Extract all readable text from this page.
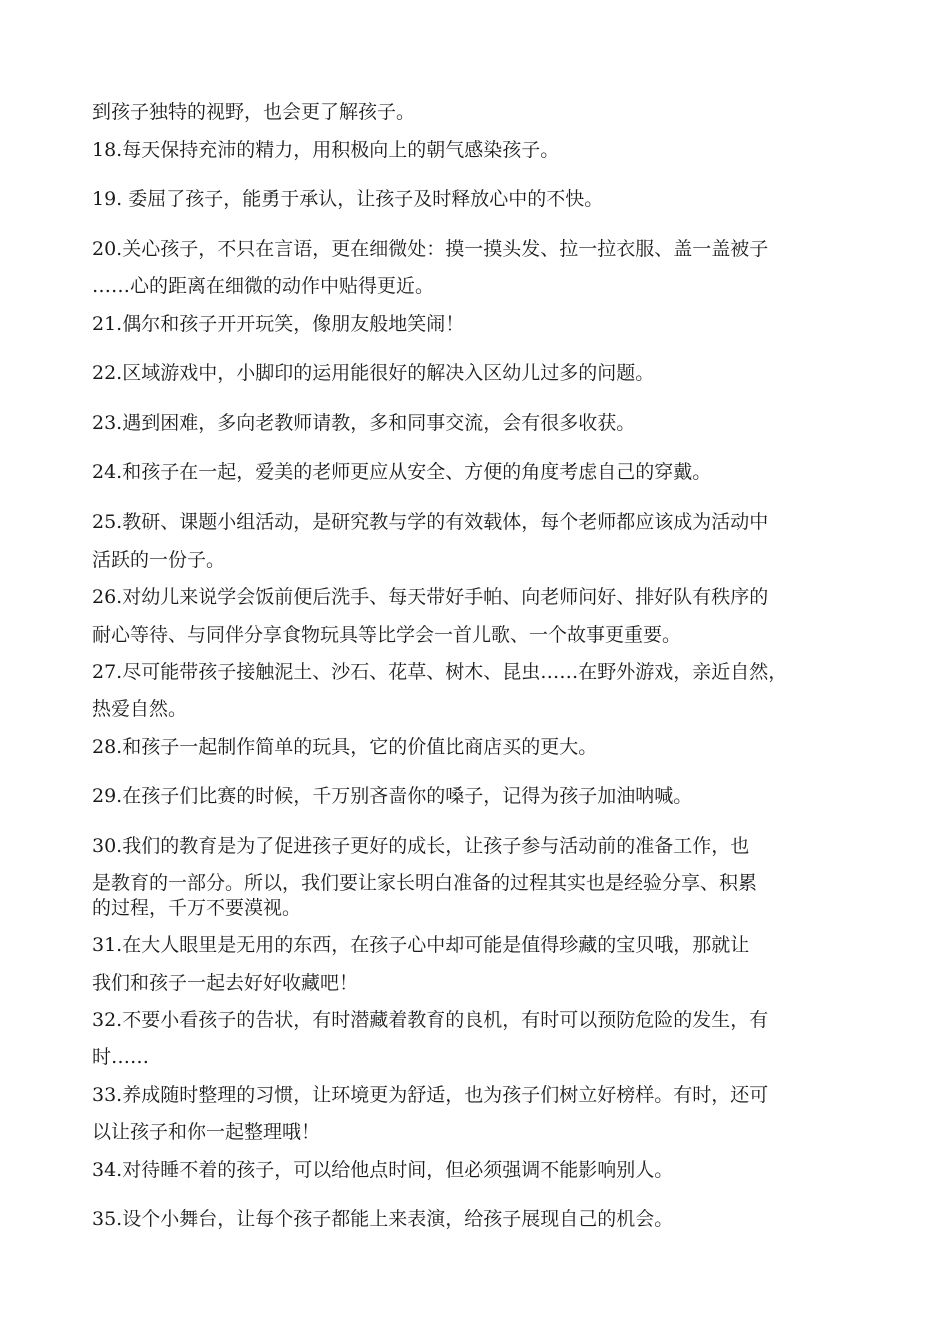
到孩子独特的视野，也会更了解孩子。
18.每天保持充沛的精力，用积极向上的朝气感染孩子。
19. 委屈了孩子，能勇于承认，让孩子及时释放心中的不快。
20.关心孩子，不只在言语，更在细微处：摸一摸头发、拉一拉衣服、盖一盖被子
……心的距离在细微的动作中贴得更近。
21.偶尔和孩子开开玩笑，像朋友般地笑闹！
22.区域游戏中，小脚印的运用能很好的解决入区幼儿过多的问题。
23.遇到困难，多向老教师请教，多和同事交流，会有很多收获。
24.和孩子在一起，爱美的老师更应从安全、方便的角度考虑自己的穿戴。
25.教研、课题小组活动，是研究教与学的有效载体，每个老师都应该成为活动中
活跃的一份子。
26.对幼儿来说学会饭前便后洗手、每天带好手帕、向老师问好、排好队有秩序的
耐心等待、与同伴分享食物玩具等比学会一首儿歌、一个故事更重要。
27.尽可能带孩子接触泥土、沙石、花草、树木、昆虫……在野外游戏，亲近自然，
热爱自然。
28.和孩子一起制作简单的玩具，它的价值比商店买的更大。
29.在孩子们比赛的时候，千万别吝啬你的嗓子，记得为孩子加油呐喊。
30.我们的教育是为了促进孩子更好的成长，让孩子参与活动前的准备工作，也
是教育的一部分。所以，我们要让家长明白准备的过程其实也是经验分享、积累
的过程，千万不要漠视。
31.在大人眼里是无用的东西，在孩子心中却可能是值得珍藏的宝贝哦，那就让
我们和孩子一起去好好收藏吧！
32.不要小看孩子的告状，有时潜藏着教育的良机，有时可以预防危险的发生，有
时……
33.养成随时整理的习惯，让环境更为舒适，也为孩子们树立好榜样。有时，还可
以让孩子和你一起整理哦！
34.对待睡不着的孩子，可以给他点时间，但必须强调不能影响别人。
35.设个小舞台，让每个孩子都能上来表演，给孩子展现自己的机会。
